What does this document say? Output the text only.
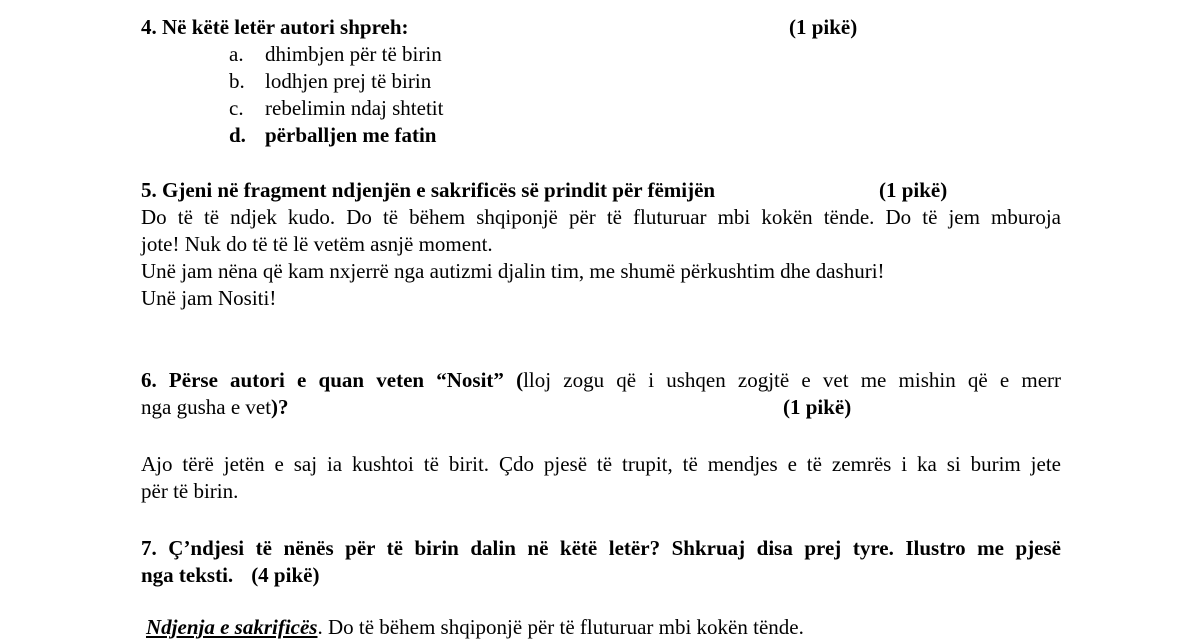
4. Në këtë letër autori shpreh:	(1 pikë)
a. dhimbjen për të birin
b. lodhjen prej të birin
c. rebelimin ndaj shtetit
d. përballjen me fatin
5. Gjeni në fragment ndjenjën e sakrificës së prindit për fëmijën	(1 pikë)
Do të të ndjek kudo. Do të bëhem shqiponjë për të fluturuar mbi kokën tënde. Do të jem mburoja
jote! Nuk do të të lë vetëm asnjë moment.
Unë jam nëna që kam nxjerrë nga autizmi djalin tim, me shumë përkushtim dhe dashuri!
Unë jam Nositi!
6. Përse autori e quan veten “Nosit” (lloj zogu që i ushqen zogjtë e vet me mishin që e merr
nga gusha e vet)?	(1 pikë)
Ajo tërë jetën e saj ia kushtoi të birit. Çdo pjesë të trupit, të mendjes e të zemrës i ka si burim jete
për të birin.
7. Ç’ndjesi të nënës për të birin dalin në këtë letër? Shkruaj disa prej tyre. Ilustro me pjesë
nga teksti. (4 pikë)
Ndjenja e sakrificës. Do të bëhem shqiponjë për të fluturuar mbi kokën tënde.
